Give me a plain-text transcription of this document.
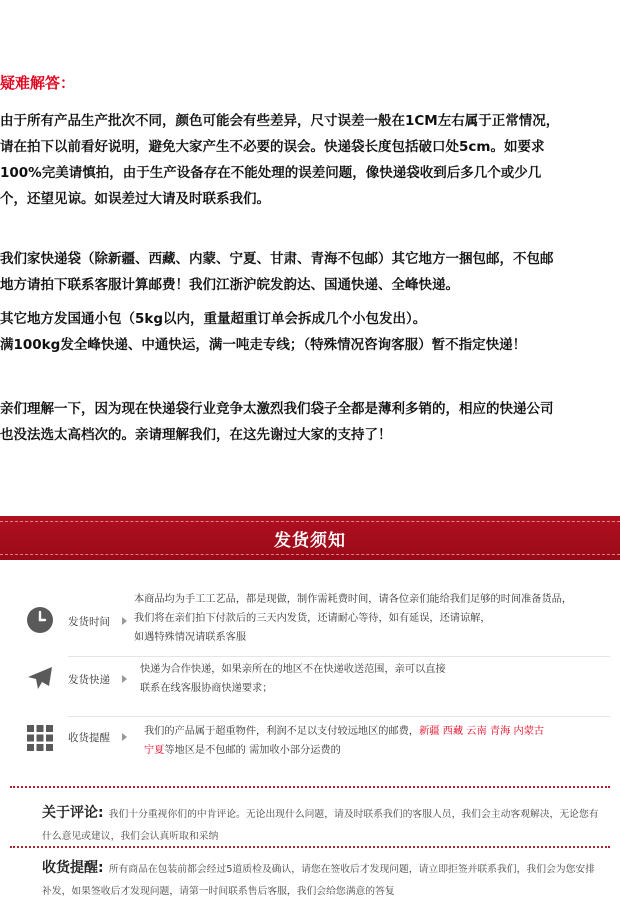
疑难解答：
由于所有产品生产批次不同，颜色可能会有些差异，尺寸误差一般在1CM左右属于正常情况，
请在拍下以前看好说明，避免大家产生不必要的误会。快递袋长度包括破口处5cm。如要求
100%完美请慎拍，由于生产设备存在不能处理的误差问题，像快递袋收到后多几个或少几
个，还望见谅。如误差过大请及时联系我们。
我们家快递袋（除新疆、西藏、内蒙、宁夏、甘肃、青海不包邮）其它地方一捆包邮，不包邮
地方请拍下联系客服计算邮费！我们江浙沪皖发韵达、国通快递、全峰快递。
其它地方发国通小包（5kg以内，重量超重订单会拆成几个小包发出）。
满100kg发全峰快递、中通快运，满一吨走专线；（特殊情况咨询客服）暂不指定快递！
亲们理解一下，因为现在快递袋行业竞争太激烈我们袋子全都是薄利多销的，相应的快递公司
也没法选太高档次的。亲请理解我们，在这先谢过大家的支持了！
发货须知
发货时间
本商品均为手工工艺品，都是现做，制作需耗费时间，请各位亲们能给我们足够的时间准备货品，
我们将在亲们拍下付款后的三天内发货，还请耐心等待，如有延误，还请谅解，
如遇特殊情况请联系客服
发货快递
快递为合作快递，如果亲所在的地区不在快递收送范围，亲可以直接
联系在线客服协商快递要求；
收货提醒
我们的产品属于超重物件，利润不足以支付较远地区的邮费，新疆 西藏 云南 青海 内蒙古
宁夏等地区是不包邮的 需加收小部分运费的
关于评论: 我们十分重视你们的中肯评论。无论出现什么问题，请及时联系我们的客服人员，我们会主动客观解决，无论您有什么意见或建议，我们会认真听取和采纳
收货提醒: 所有商品在包装前都会经过5道质检及确认，请您在签收后才发现问题，请立即拒签并联系我们，我们会为您安排补发，如果签收后才发现问题，请第一时间联系售后客服，我们会给您满意的答复
